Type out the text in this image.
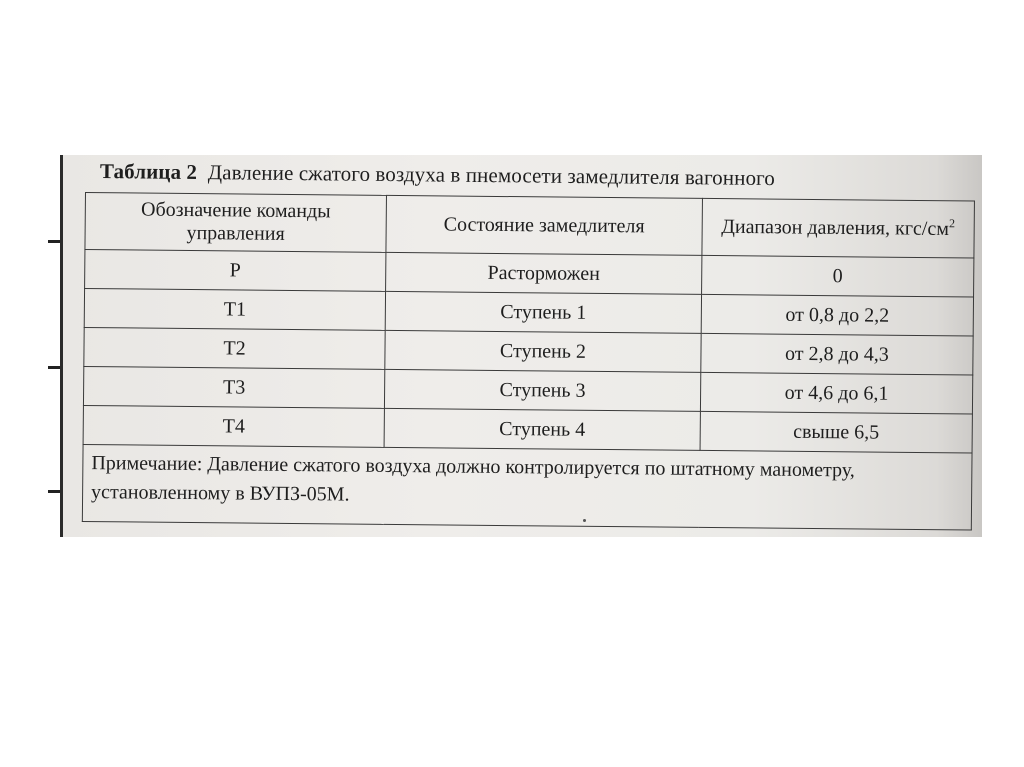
Таблица 2 Давление сжатого воздуха в пнемосети замедлителя вагонного
Обозначение команды управления	Состояние замедлителя	Диапазон давления, кгс/$см^2$
Р	Расторможен	0
Т1	Ступень 1	от 0,8 до 2,2
Т2	Ступень 2	от 2,8 до 4,3
Т3	Ступень 3	от 4,6 до 6,1
Т4	Ступень 4	свыше 6,5
Примечание: Давление сжатого воздуха должно контролируется по штатному манометру, установленному в ВУПЗ-05М.		
